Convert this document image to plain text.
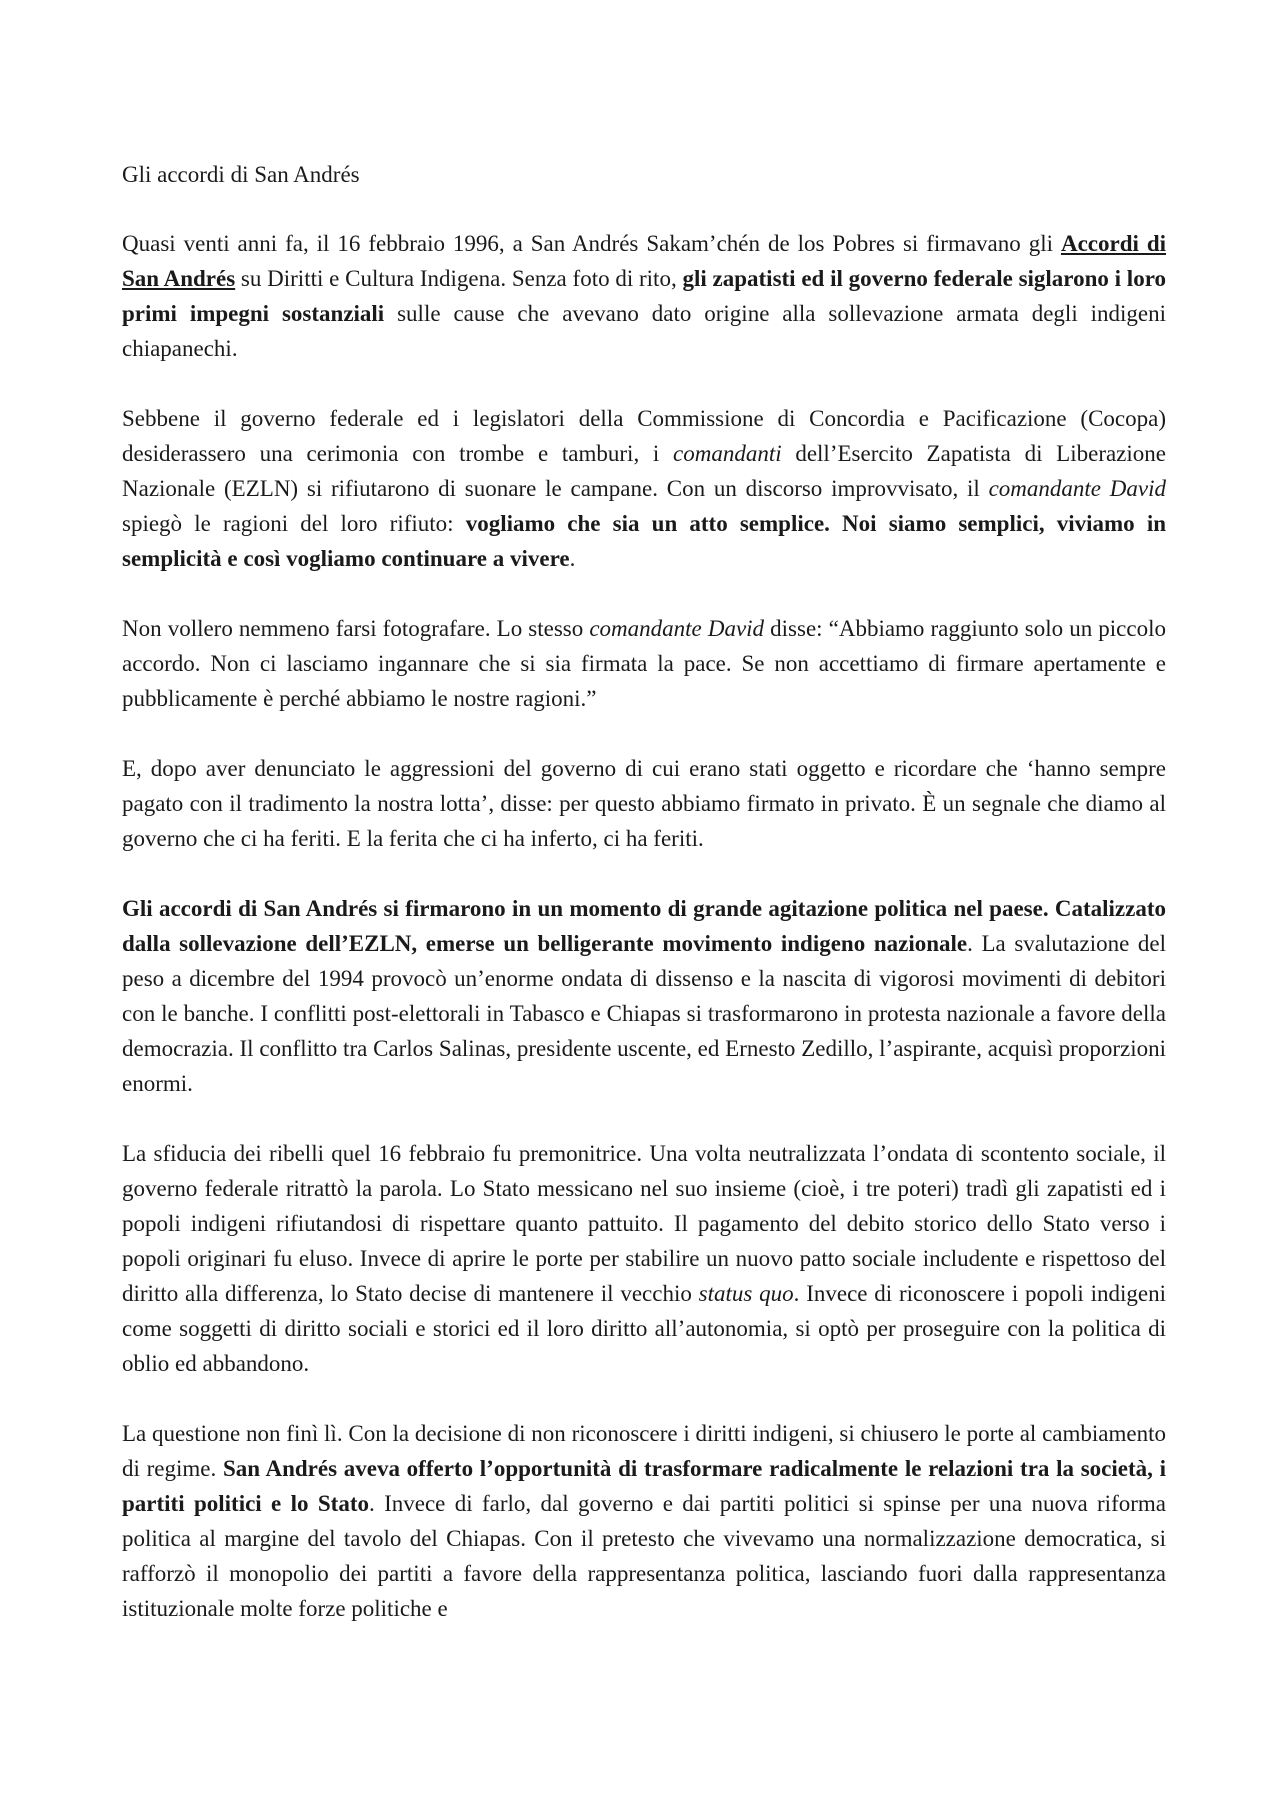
Gli accordi di San Andrés

Quasi venti anni fa, il 16 febbraio 1996, a San Andrés Sakam’chén de los Pobres si firmavano gli Accordi di San Andrés su Diritti e Cultura Indigena. Senza foto di rito, gli zapatisti ed il governo federale siglarono i loro primi impegni sostanziali sulle cause che avevano dato origine alla sollevazione armata degli indigeni chiapanechi.

Sebbene il governo federale ed i legislatori della Commissione di Concordia e Pacificazione (Cocopa) desiderassero una cerimonia con trombe e tamburi, i comandanti dell’Esercito Zapatista di Liberazione Nazionale (EZLN) si rifiutarono di suonare le campane. Con un discorso improvvisato, il comandante David spiegò le ragioni del loro rifiuto: vogliamo che sia un atto semplice. Noi siamo semplici, viviamo in semplicità e così vogliamo continuare a vivere.

Non vollero nemmeno farsi fotografare. Lo stesso comandante David disse: “Abbiamo raggiunto solo un piccolo accordo. Non ci lasciamo ingannare che si sia firmata la pace. Se non accettiamo di firmare apertamente e pubblicamente è perché abbiamo le nostre ragioni.”

E, dopo aver denunciato le aggressioni del governo di cui erano stati oggetto e ricordare che ‘hanno sempre pagato con il tradimento la nostra lotta’, disse: per questo abbiamo firmato in privato. È un segnale che diamo al governo che ci ha feriti. E la ferita che ci ha inferto, ci ha feriti.

Gli accordi di San Andrés si firmarono in un momento di grande agitazione politica nel paese. Catalizzato dalla sollevazione dell’EZLN, emerse un belligerante movimento indigeno nazionale. La svalutazione del peso a dicembre del 1994 provocò un’enorme ondata di dissenso e la nascita di vigorosi movimenti di debitori con le banche. I conflitti post-elettorali in Tabasco e Chiapas si trasformarono in protesta nazionale a favore della democrazia. Il conflitto tra Carlos Salinas, presidente uscente, ed Ernesto Zedillo, l’aspirante, acquisì proporzioni enormi.

La sfiducia dei ribelli quel 16 febbraio fu premonitrice. Una volta neutralizzata l’ondata di scontento sociale, il governo federale ritrattò la parola. Lo Stato messicano nel suo insieme (cioè, i tre poteri) tradì gli zapatisti ed i popoli indigeni rifiutandosi di rispettare quanto pattuito. Il pagamento del debito storico dello Stato verso i popoli originari fu eluso. Invece di aprire le porte per stabilire un nuovo patto sociale includente e rispettoso del diritto alla differenza, lo Stato decise di mantenere il vecchio status quo. Invece di riconoscere i popoli indigeni come soggetti di diritto sociali e storici ed il loro diritto all’autonomia, si optò per proseguire con la politica di oblio ed abbandono.

La questione non finì lì. Con la decisione di non riconoscere i diritti indigeni, si chiusero le porte al cambiamento di regime. San Andrés aveva offerto l’opportunità di trasformare radicalmente le relazioni tra la società, i partiti politici e lo Stato. Invece di farlo, dal governo e dai partiti politici si spinse per una nuova riforma politica al margine del tavolo del Chiapas. Con il pretesto che vivevamo una normalizzazione democratica, si rafforzò il monopolio dei partiti a favore della rappresentanza politica, lasciando fuori dalla rappresentanza istituzionale molte forze politiche e
